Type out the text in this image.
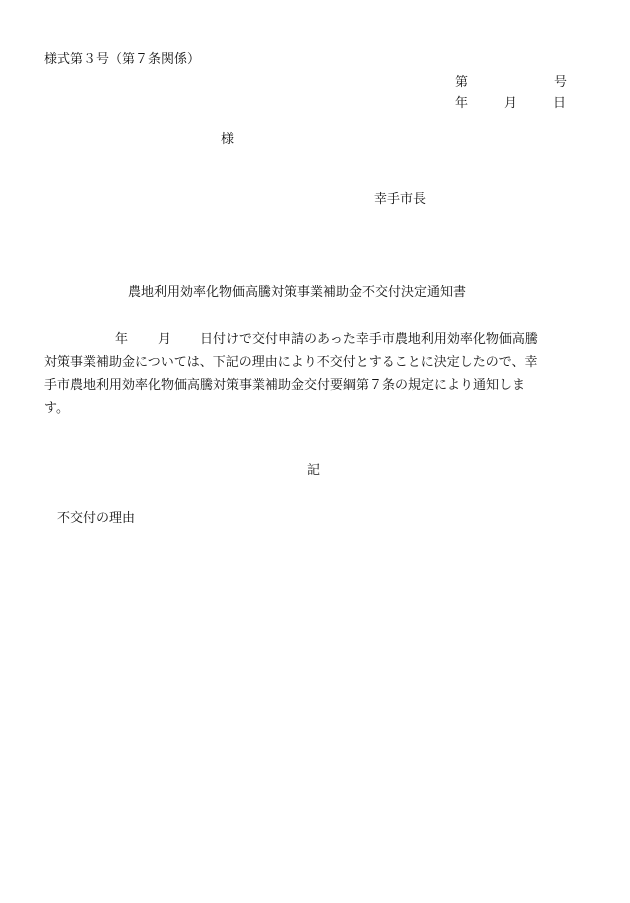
様式第３号（第７条関係）
第	号
年	月	日
様
幸手市長
農地利用効率化物価高騰対策事業補助金不交付決定通知書
年 月 日付けで交付申請のあった幸手市農地利用効率化物価高騰
対策事業補助金については、下記の理由により不交付とすることに決定したので、幸
手市農地利用効率化物価高騰対策事業補助金交付要綱第７条の規定により通知しま
す。
記
不交付の理由
